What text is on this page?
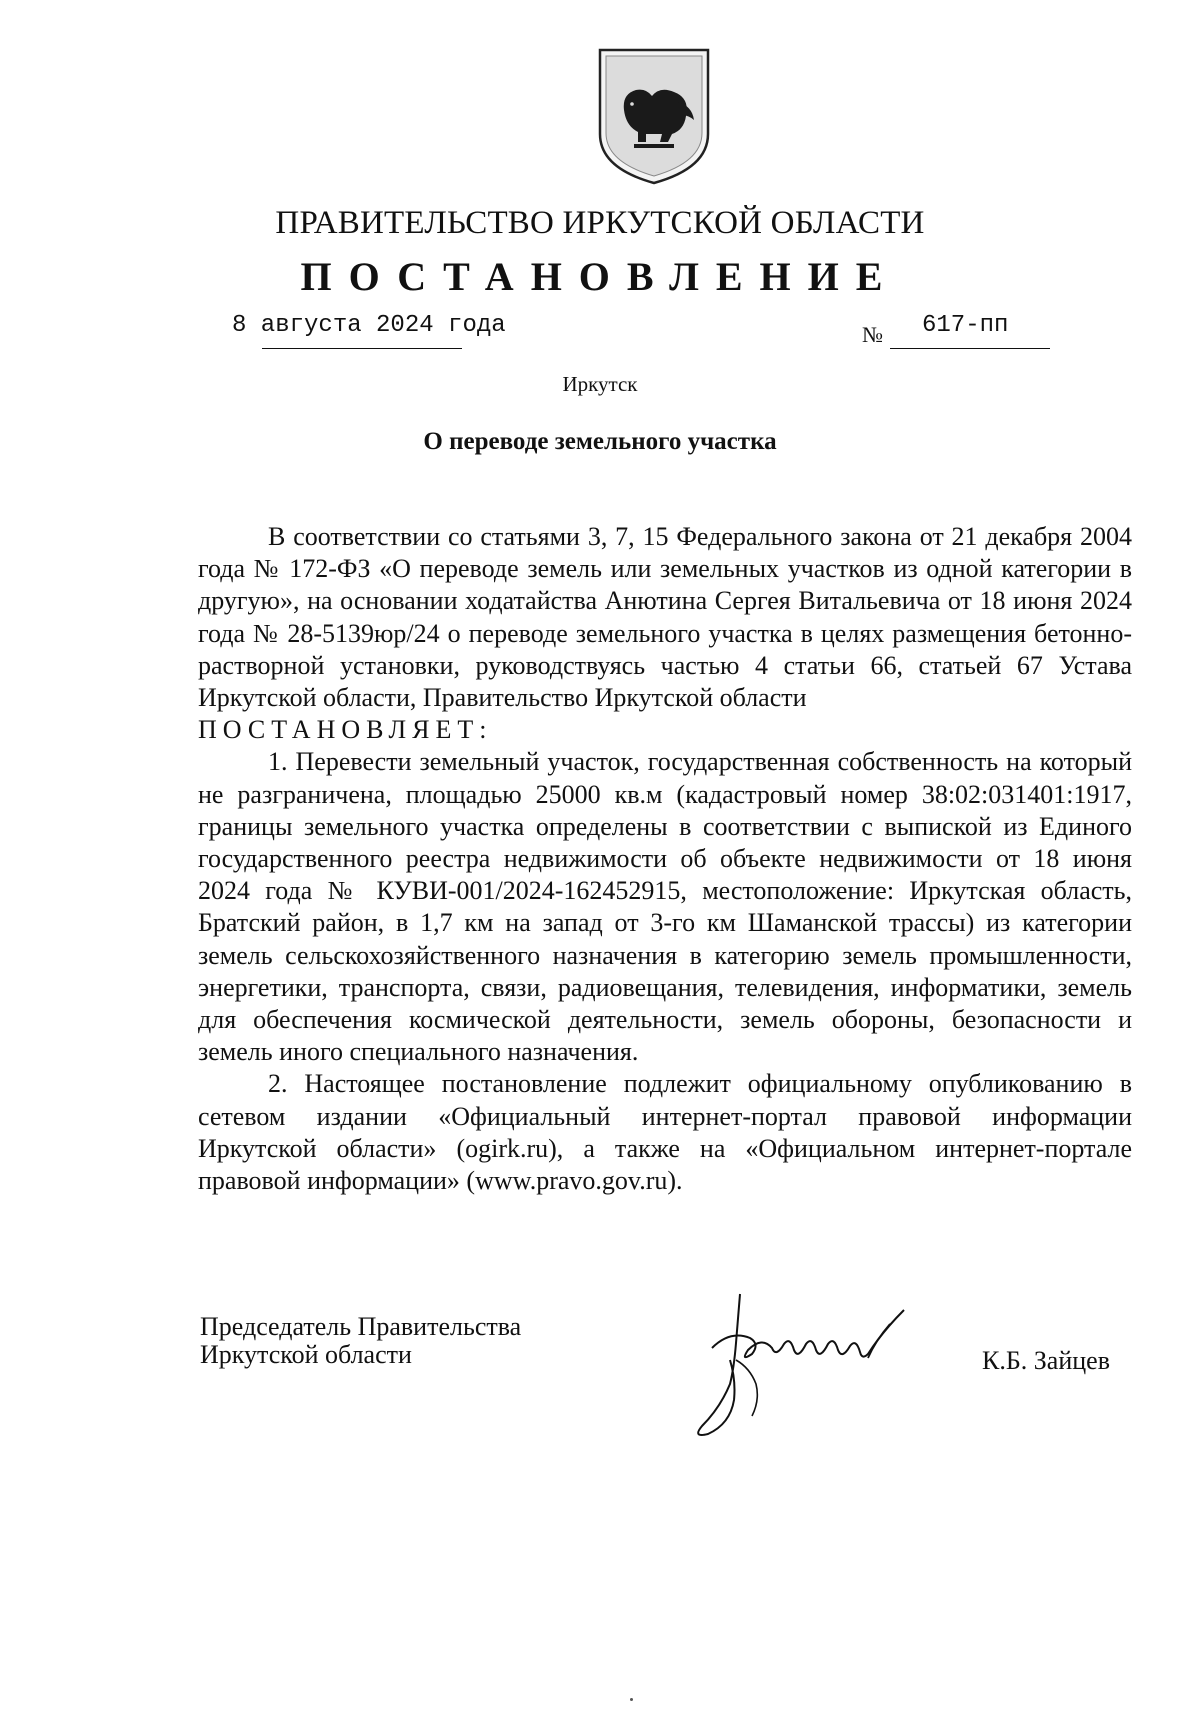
ПРАВИТЕЛЬСТВО ИРКУТСКОЙ ОБЛАСТИ
ПОСТАНОВЛЕНИЕ
8 августа 2024 года	№ 617-пп
Иркутск
О переводе земельного участка

В соответствии со статьями 3, 7, 15 Федерального закона от 21 декабря 2004 года № 172-ФЗ «О переводе земель или земельных участков из одной категории в другую», на основании ходатайства Анютина Сергея Витальевича от 18 июня 2024 года № 28-5139юр/24 о переводе земельного участка в целях размещения бетонно-растворной установки, руководствуясь частью 4 статьи 66, статьей 67 Устава Иркутской области, Правительство Иркутской области

ПОСТАНОВЛЯЕТ:

1. Перевести земельный участок, государственная собственность на который не разграничена, площадью 25000 кв.м (кадастровый номер 38:02:031401:1917, границы земельного участка определены в соответствии с выпиской из Единого государственного реестра недвижимости об объекте недвижимости от 18 июня 2024 года № КУВИ-001/2024-162452915, местоположение: Иркутская область, Братский район, в 1,7 км на запад от 3-го км Шаманской трассы) из категории земель сельскохозяйственного назначения в категорию земель промышленности, энергетики, транспорта, связи, радиовещания, телевидения, информатики, земель для обеспечения космической деятельности, земель обороны, безопасности и земель иного специального назначения.

2. Настоящее постановление подлежит официальному опубликованию в сетевом издании «Официальный интернет-портал правовой информации Иркутской области» (ogirk.ru), а также на «Официальном интернет-портале правовой информации» (www.pravo.gov.ru).

Председатель Правительства
Иркутской области	К.Б. Зайцев
